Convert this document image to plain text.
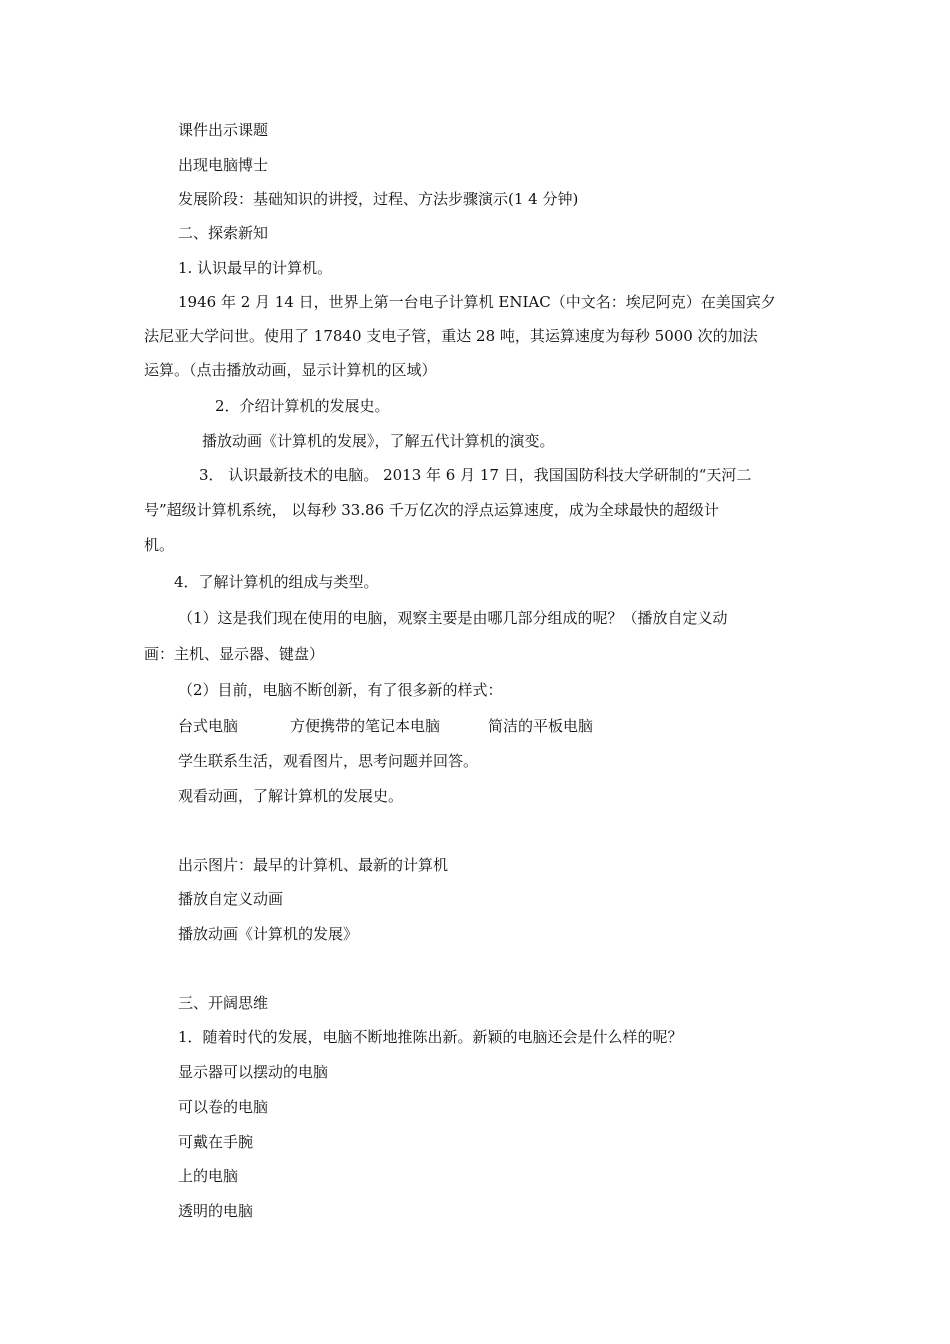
课件出示课题
出现电脑博士
发展阶段：基础知识的讲授，过程、方法步骤演示(1 4 分钟)
二、探索新知
1. 认识最早的计算机。
1946 年 2 月 14 日，世界上第一台电子计算机 ENIAC（中文名：埃尼阿克）在美国宾夕
法尼亚大学问世。使用了 17840 支电子管，重达 28 吨，其运算速度为每秒 5000 次的加法
运算。（点击播放动画，显示计算机的区域）
2．介绍计算机的发展史。
播放动画《计算机的发展》，了解五代计算机的演变。
3． 认识最新技术的电脑。 2013 年 6 月 17 日，我国国防科技大学研制的“天河二
号”超级计算机系统， 以每秒 33.86 千万亿次的浮点运算速度，成为全球最快的超级计
机。
4．了解计算机的组成与类型。
（1）这是我们现在使用的电脑，观察主要是由哪几部分组成的呢？（播放自定义动
画：主机、显示器、键盘）
（2）目前，电脑不断创新，有了很多新的样式：
台式电脑	方便携带的笔记本电脑	简洁的平板电脑
学生联系生活，观看图片，思考问题并回答。
观看动画，了解计算机的发展史。
出示图片：最早的计算机、最新的计算机
播放自定义动画
播放动画《计算机的发展》
三、开阔思维
1．随着时代的发展，电脑不断地推陈出新。新颖的电脑还会是什么样的呢？
显示器可以摆动的电脑
可以卷的电脑
可戴在手腕
上的电脑
透明的电脑
